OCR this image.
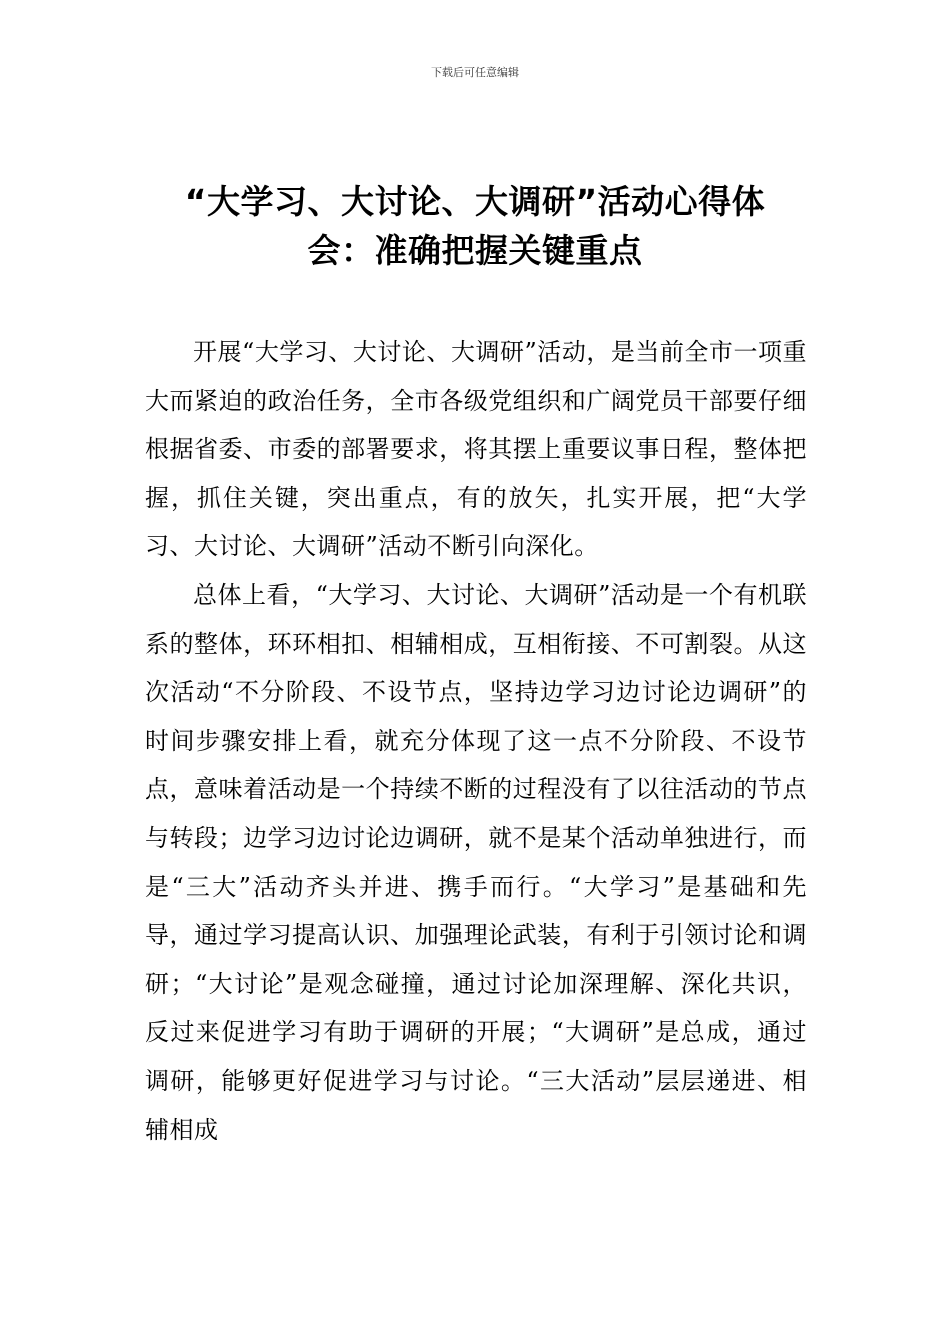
下载后可任意编辑
“大学习、大讨论、大调研”活动心得体
会：准确把握关键重点

开展“大学习、大讨论、大调研”活动，是当前全市一项重大而紧迫的政治任务，全市各级党组织和广阔党员干部要仔细根据省委、市委的部署要求，将其摆上重要议事日程，整体把握，抓住关键，突出重点，有的放矢，扎实开展，把“大学习、大讨论、大调研”活动不断引向深化。

总体上看，“大学习、大讨论、大调研”活动是一个有机联系的整体，环环相扣、相辅相成，互相衔接、不可割裂。从这次活动“不分阶段、不设节点，坚持边学习边讨论边调研”的时间步骤安排上看，就充分体现了这一点不分阶段、不设节点，意味着活动是一个持续不断的过程没有了以往活动的节点与转段；边学习边讨论边调研，就不是某个活动单独进行，而是“三大”活动齐头并进、携手而行。“大学习”是基础和先导，通过学习提高认识、加强理论武装，有利于引领讨论和调研；“大讨论”是观念碰撞，通过讨论加深理解、深化共识，反过来促进学习有助于调研的开展；“大调研”是总成，通过调研，能够更好促进学习与讨论。“三大活动”层层递进、相辅相成
